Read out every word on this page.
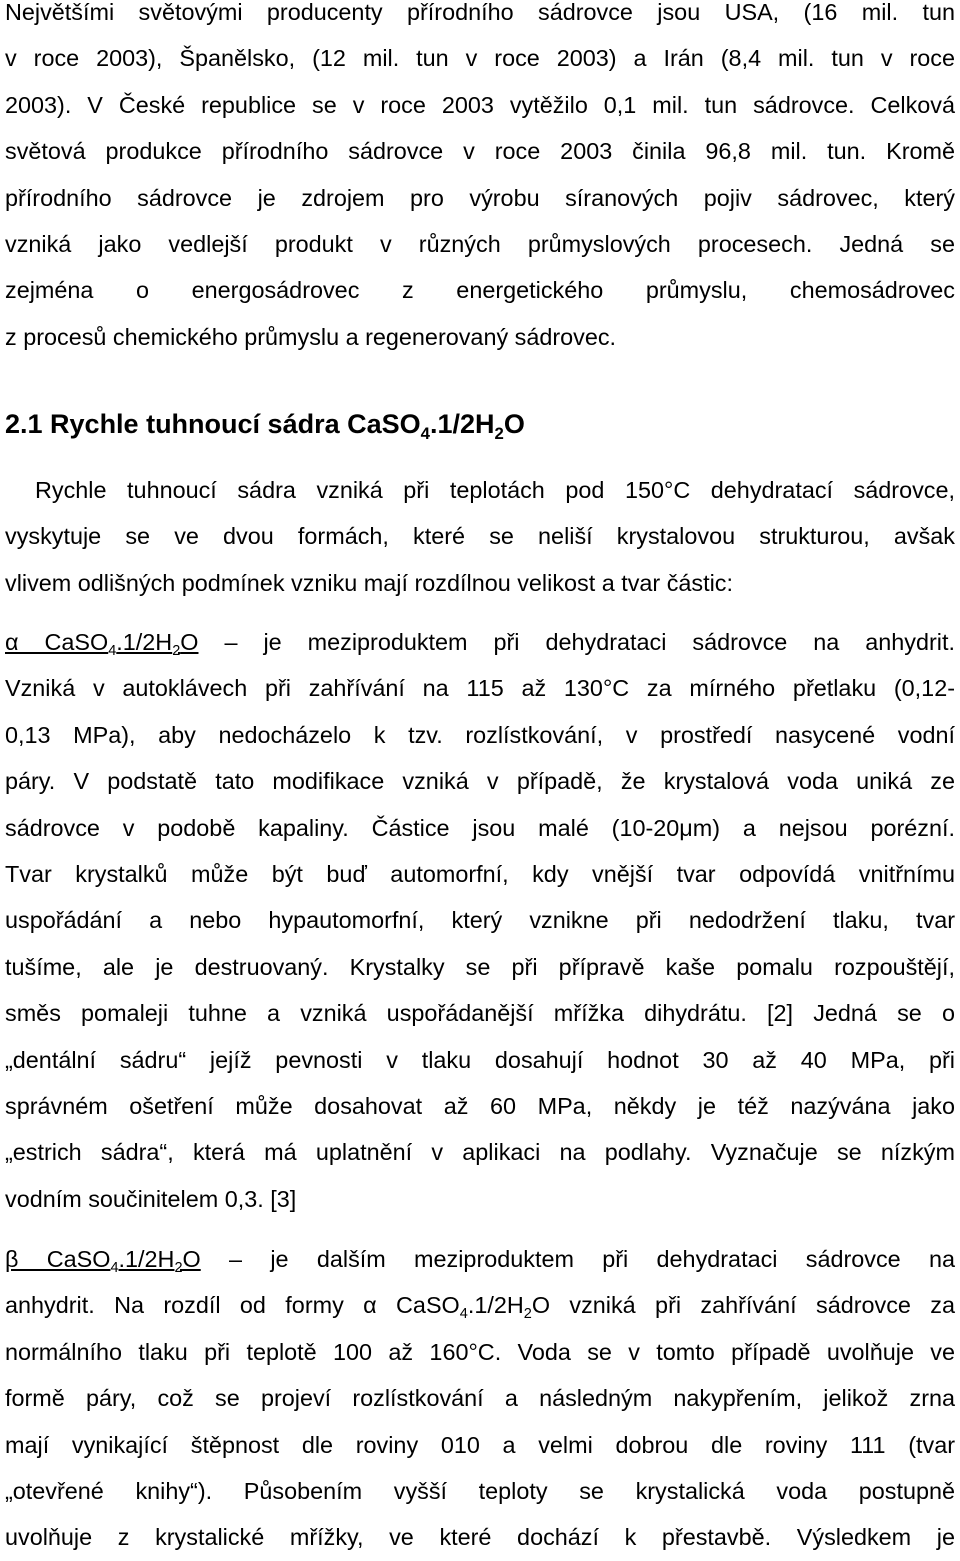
Největšími světovými producenty přírodního sádrovce jsou USA, (16 mil. tun
v roce 2003), Španělsko, (12 mil. tun v roce 2003) a Irán (8,4 mil. tun v roce
2003). V České republice se v roce 2003 vytěžilo 0,1 mil. tun sádrovce. Celková
světová produkce přírodního sádrovce v roce 2003 činila 96,8 mil. tun. Kromě
přírodního sádrovce je zdrojem pro výrobu síranových pojiv sádrovec, který
vzniká jako vedlejší produkt v různých průmyslových procesech. Jedná se
zejména o energosádrovec z energetického průmyslu, chemosádrovec
z procesů chemického průmyslu a regenerovaný sádrovec.
2.1 Rychle tuhnoucí sádra $CaSO_4.1/2H_2O$
Rychle tuhnoucí sádra vzniká při teplotách pod 150°C dehydratací sádrovce,
vyskytuje se ve dvou formách, které se neliší krystalovou strukturou, avšak
vlivem odlišných podmínek vzniku mají rozdílnou velikost a tvar částic:
α $CaSO_4.1/2H_2O$ – je meziproduktem při dehydrataci sádrovce na anhydrit.
Vzniká v autoklávech při zahřívání na 115 až 130°C za mírného přetlaku (0,12-
0,13 MPa), aby nedocházelo k tzv. rozlístkování, v prostředí nasycené vodní
páry. V podstatě tato modifikace vzniká v případě, že krystalová voda uniká ze
sádrovce v podobě kapaliny. Částice jsou malé (10-20μm) a nejsou porézní.
Tvar krystalků může být buď automorfní, kdy vnější tvar odpovídá vnitřnímu
uspořádání a nebo hypautomorfní, který vznikne při nedodržení tlaku, tvar
tušíme, ale je destruovaný. Krystalky se při přípravě kaše pomalu rozpouštějí,
směs pomaleji tuhne a vzniká uspořádanější mřížka dihydrátu. [2] Jedná se o
„dentální sádru“ jejíž pevnosti v tlaku dosahují hodnot 30 až 40 MPa, při
správném ošetření může dosahovat až 60 MPa, někdy je též nazývána jako
„estrich sádra“, která má uplatnění v aplikaci na podlahy. Vyznačuje se nízkým
vodním součinitelem 0,3. [3]
β $CaSO_4.1/2H_2O$ – je dalším meziproduktem při dehydrataci sádrovce na
anhydrit. Na rozdíl od formy α $CaSO_4.1/2H_2O$ vzniká při zahřívání sádrovce za
normálního tlaku při teplotě 100 až 160°C. Voda se v tomto případě uvolňuje ve
formě páry, což se projeví rozlístkování a následným nakypřením, jelikož zrna
mají vynikající štěpnost dle roviny 010 a velmi dobrou dle roviny 111 (tvar
„otevřené knihy“). Působením vyšší teploty se krystalická voda postupně
uvolňuje z krystalické mřížky, ve které dochází k přestavbě. Výsledkem je
